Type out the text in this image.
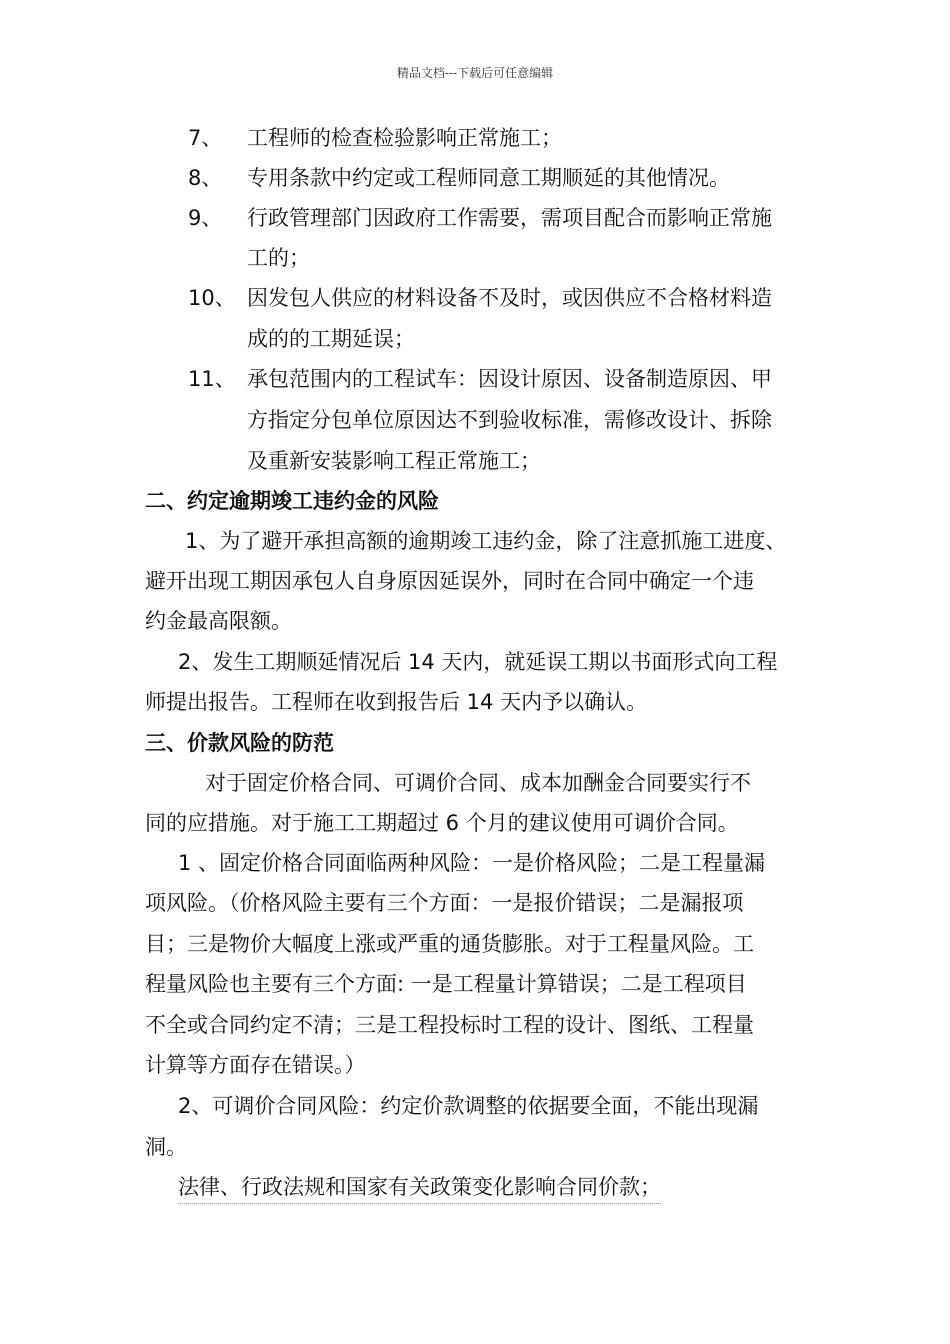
精品文档---下载后可任意编辑
7、 工程师的检查检验影响正常施工；
8、 专用条款中约定或工程师同意工期顺延的其他情况。
9、 行政管理部门因政府工作需要，需项目配合而影响正常施
工的；
10、 因发包人供应的材料设备不及时，或因供应不合格材料造
成的的工期延误；
11、 承包范围内的工程试车：因设计原因、设备制造原因、甲
方指定分包单位原因达不到验收标准，需修改设计、拆除
及重新安装影响工程正常施工；
二、约定逾期竣工违约金的风险
1、为了避开承担高额的逾期竣工违约金，除了注意抓施工进度、
避开出现工期因承包人自身原因延误外，同时在合同中确定一个违
约金最高限额。
2、发生工期顺延情况后 14 天内，就延误工期以书面形式向工程
师提出报告。工程师在收到报告后 14 天内予以确认。
三、价款风险的防范
对于固定价格合同、可调价合同、成本加酬金合同要实行不
同的应措施。对于施工工期超过 6 个月的建议使用可调价合同。
1 、固定价格合同面临两种风险：一是价格风险；二是工程量漏
项风险。（价格风险主要有三个方面：一是报价错误；二是漏报项
目；三是物价大幅度上涨或严重的通货膨胀。对于工程量风险。工
程量风险也主要有三个方面: 一是工程量计算错误；二是工程项目
不全或合同约定不清；三是工程投标时工程的设计、图纸、工程量
计算等方面存在错误。）
2、可调价合同风险：约定价款调整的依据要全面，不能出现漏
洞。
法律、行政法规和国家有关政策变化影响合同价款；
